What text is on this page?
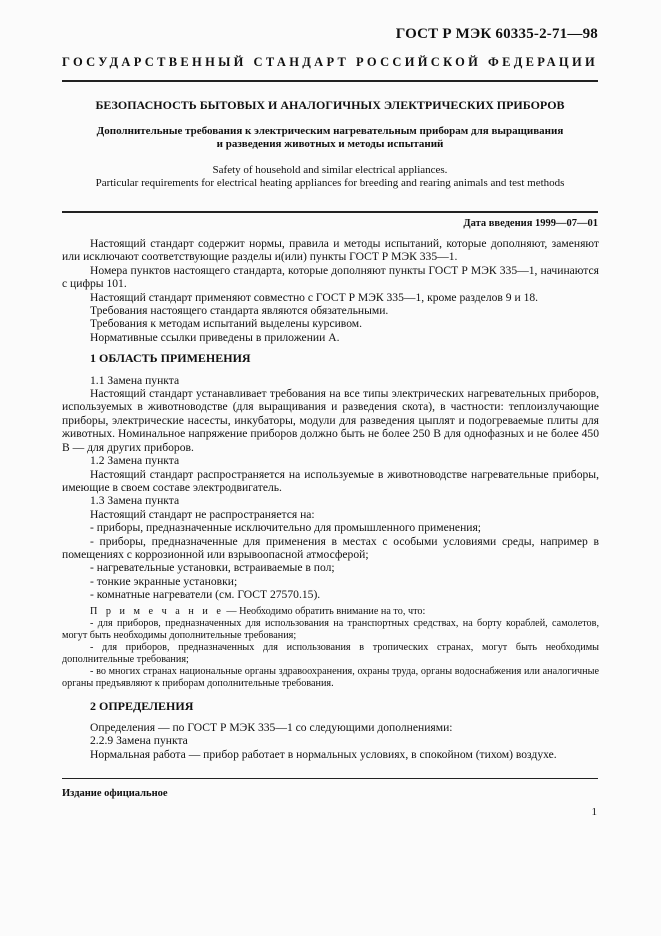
ГОСТ Р МЭК 60335-2-71—98
ГОСУДАРСТВЕННЫЙ СТАНДАРТ РОССИЙСКОЙ ФЕДЕРАЦИИ
БЕЗОПАСНОСТЬ БЫТОВЫХ И АНАЛОГИЧНЫХ ЭЛЕКТРИЧЕСКИХ ПРИБОРОВ
Дополнительные требования к электрическим нагревательным приборам для выращивания
и разведения животных и методы испытаний
Safety of household and similar electrical appliances.
Particular requirements for electrical heating appliances for breeding and rearing animals and test methods
Дата введения 1999—07—01

Настоящий стандарт содержит нормы, правила и методы испытаний, которые дополняют, заменяют или исключают соответствующие разделы и(или) пункты ГОСТ Р МЭК 335—1.

Номера пунктов настоящего стандарта, которые дополняют пункты ГОСТ Р МЭК 335—1, начинаются с цифры 101.

Настоящий стандарт применяют совместно с ГОСТ Р МЭК 335—1, кроме разделов 9 и 18.

Требования настоящего стандарта являются обязательными.

Требования к методам испытаний выделены курсивом.

Нормативные ссылки приведены в приложении А.

1 ОБЛАСТЬ ПРИМЕНЕНИЯ

1.1 Замена пункта

Настоящий стандарт устанавливает требования на все типы электрических нагревательных приборов, используемых в животноводстве (для выращивания и разведения скота), в частности: теплоизлучающие приборы, электрические насесты, инкубаторы, модули для разведения цыплят и подогреваемые плиты для животных. Номинальное напряжение приборов должно быть не более 250 В для однофазных и не более 450 В — для других приборов.

1.2 Замена пункта

Настоящий стандарт распространяется на используемые в животноводстве нагревательные приборы, имеющие в своем составе электродвигатель.

1.3 Замена пункта

Настоящий стандарт не распространяется на:

- приборы, предназначенные исключительно для промышленного применения;

- приборы, предназначенные для применения в местах с особыми условиями среды, например в помещениях с коррозионной или взрывоопасной атмосферой;

- нагревательные установки, встраиваемые в пол;

- тонкие экранные установки;

- комнатные нагреватели (см. ГОСТ 27570.15).

П р и м е ч а н и е — Необходимо обратить внимание на то, что:

- для приборов, предназначенных для использования на транспортных средствах, на борту кораблей, самолетов, могут быть необходимы дополнительные требования;

- для приборов, предназначенных для использования в тропических странах, могут быть необходимы дополнительные требования;

- во многих странах национальные органы здравоохранения, охраны труда, органы водоснабжения или аналогичные органы предъявляют к приборам дополнительные требования.

2 ОПРЕДЕЛЕНИЯ

Определения — по ГОСТ Р МЭК 335—1 со следующими дополнениями:

2.2.9 Замена пункта

Нормальная работа — прибор работает в нормальных условиях, в спокойном (тихом) воздухе.

Издание официальное
1
